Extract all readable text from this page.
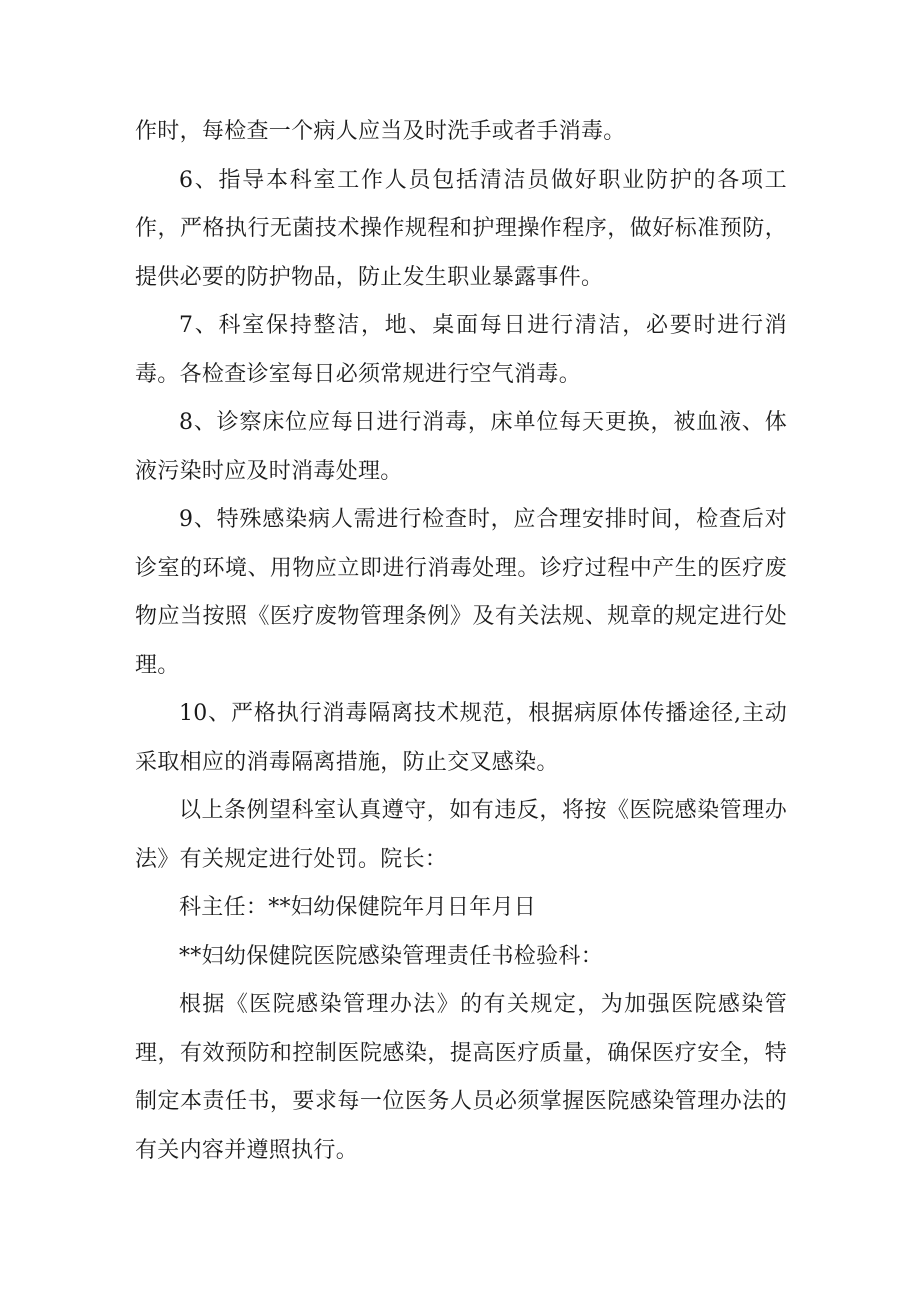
作时，每检查一个病人应当及时洗手或者手消毒。

6、指导本科室工作人员包括清洁员做好职业防护的各项工作，严格执行无菌技术操作规程和护理操作程序，做好标准预防，提供必要的防护物品，防止发生职业暴露事件。

7、科室保持整洁，地、桌面每日进行清洁，必要时进行消毒。各检查诊室每日必须常规进行空气消毒。

8、诊察床位应每日进行消毒，床单位每天更换，被血液、体液污染时应及时消毒处理。

9、特殊感染病人需进行检查时，应合理安排时间，检查后对诊室的环境、用物应立即进行消毒处理。诊疗过程中产生的医疗废物应当按照《医疗废物管理条例》及有关法规、规章的规定进行处理。

10、严格执行消毒隔离技术规范，根据病原体传播途径,主动采取相应的消毒隔离措施，防止交叉感染。

以上条例望科室认真遵守，如有违反，将按《医院感染管理办法》有关规定进行处罚。院长：

科主任：**妇幼保健院年月日年月日

**妇幼保健院医院感染管理责任书检验科：

根据《医院感染管理办法》的有关规定，为加强医院感染管理，有效预防和控制医院感染，提高医疗质量，确保医疗安全，特制定本责任书，要求每一位医务人员必须掌握医院感染管理办法的有关内容并遵照执行。
